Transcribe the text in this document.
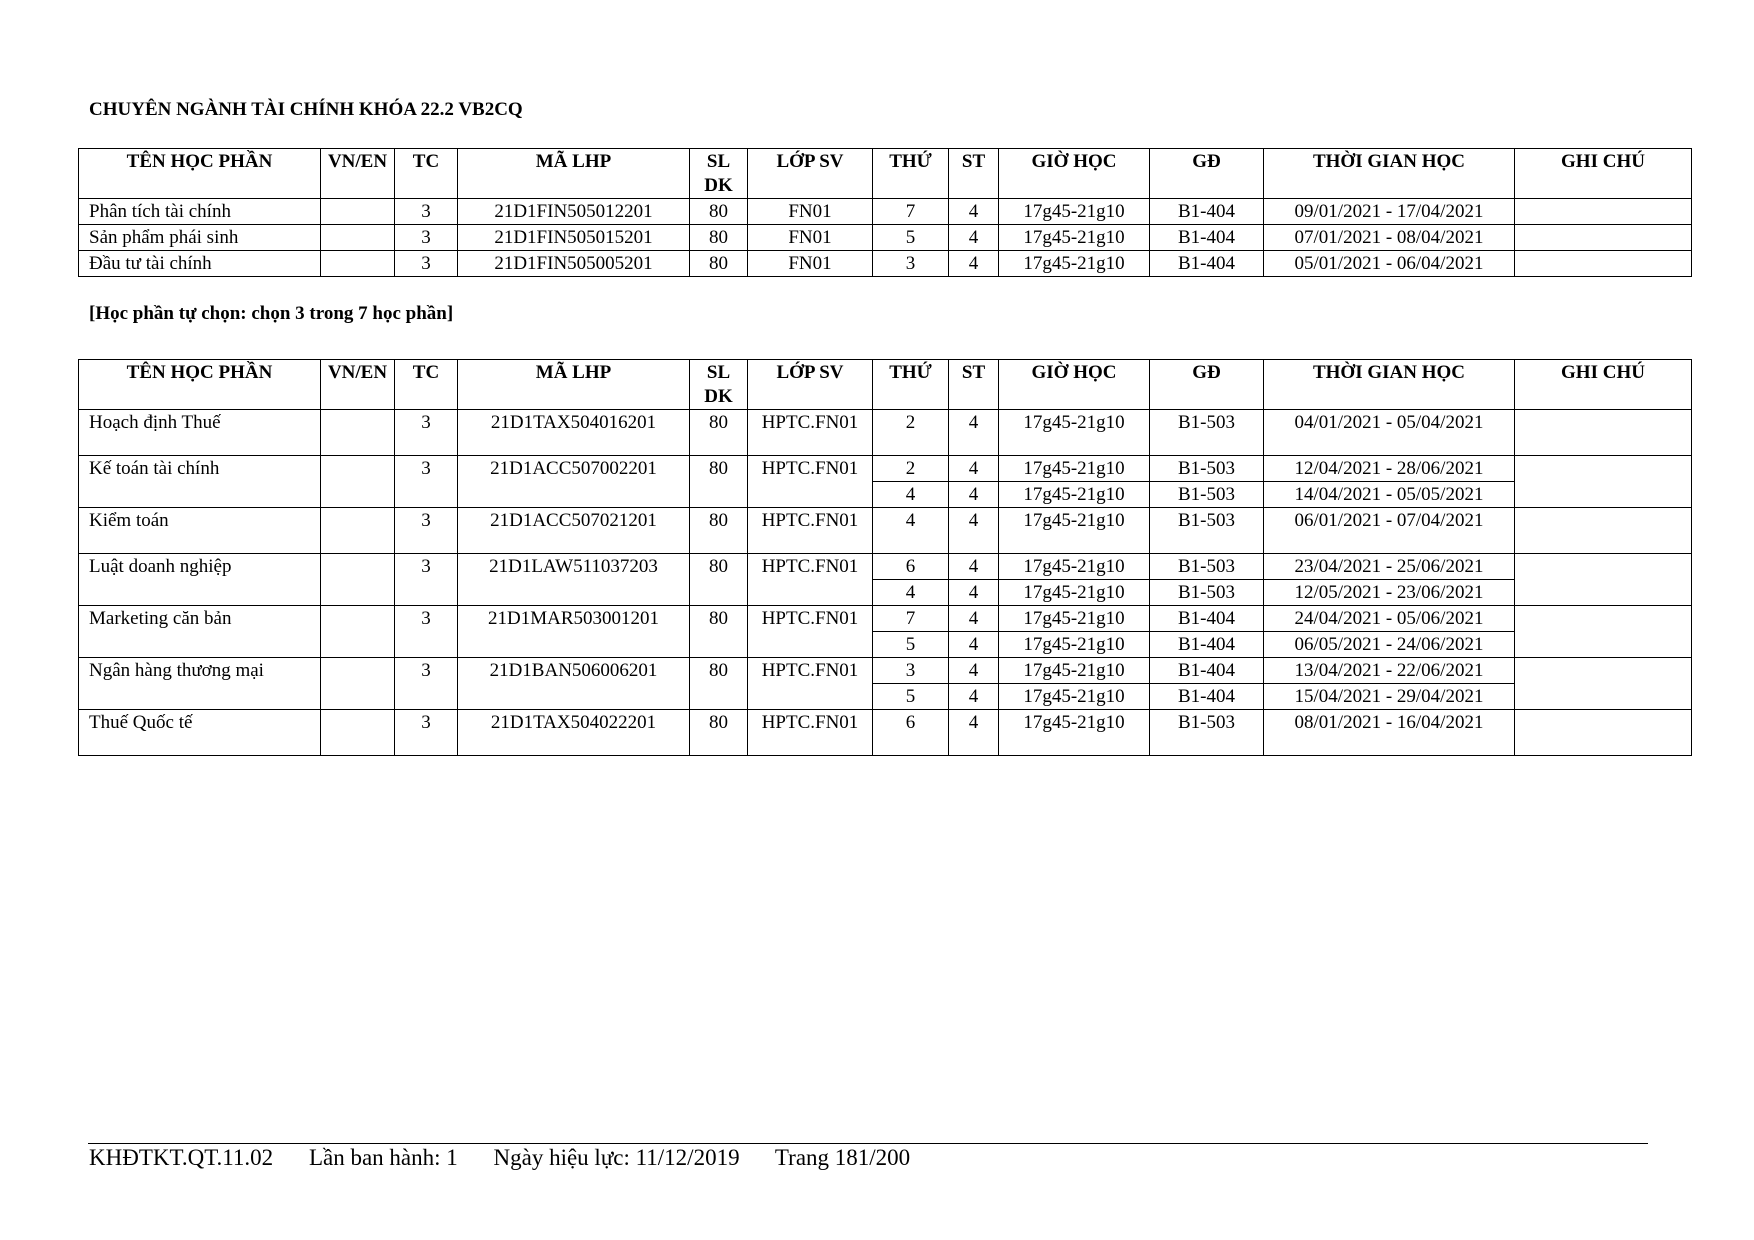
CHUYÊN NGÀNH TÀI CHÍNH KHÓA 22.2 VB2CQ
TÊN HỌC PHẦN	VN/EN	TC	MÃ LHP	SL DK	LỚP SV	THỨ	ST	GIỜ HỌC	GĐ	THỜI GIAN HỌC	GHI CHÚ
Phân tích tài chính		3	21D1FIN505012201	80	FN01	7	4	17g45-21g10	B1-404	09/01/2021 - 17/04/2021	
Sản phẩm phái sinh		3	21D1FIN505015201	80	FN01	5	4	17g45-21g10	B1-404	07/01/2021 - 08/04/2021	
Đầu tư tài chính		3	21D1FIN505005201	80	FN01	3	4	17g45-21g10	B1-404	05/01/2021 - 06/04/2021	
[Học phần tự chọn: chọn 3 trong 7 học phần]
TÊN HỌC PHẦN	VN/EN	TC	MÃ LHP	SL DK	LỚP SV	THỨ	ST	GIỜ HỌC	GĐ	THỜI GIAN HỌC	GHI CHÚ
Hoạch định Thuế		3	21D1TAX504016201	80	HPTC.FN01	2	4	17g45-21g10	B1-503	04/01/2021 - 05/04/2021	
Kế toán tài chính		3	21D1ACC507002201	80	HPTC.FN01	2	4	17g45-21g10	B1-503	12/04/2021 - 28/06/2021	
						4	4	17g45-21g10	B1-503	14/04/2021 - 05/05/2021	
Kiểm toán		3	21D1ACC507021201	80	HPTC.FN01	4	4	17g45-21g10	B1-503	06/01/2021 - 07/04/2021	
Luật doanh nghiệp		3	21D1LAW511037203	80	HPTC.FN01	6	4	17g45-21g10	B1-503	23/04/2021 - 25/06/2021	
						4	4	17g45-21g10	B1-503	12/05/2021 - 23/06/2021	
Marketing căn bản		3	21D1MAR503001201	80	HPTC.FN01	7	4	17g45-21g10	B1-404	24/04/2021 - 05/06/2021	
						5	4	17g45-21g10	B1-404	06/05/2021 - 24/06/2021	
Ngân hàng thương mại		3	21D1BAN506006201	80	HPTC.FN01	3	4	17g45-21g10	B1-404	13/04/2021 - 22/06/2021	
						5	4	17g45-21g10	B1-404	15/04/2021 - 29/04/2021	
Thuế Quốc tế		3	21D1TAX504022201	80	HPTC.FN01	6	4	17g45-21g10	B1-503	08/01/2021 - 16/04/2021	
KHĐTKT.QT.11.02 Lần ban hành: 1 Ngày hiệu lực: 11/12/2019 Trang 181/200
